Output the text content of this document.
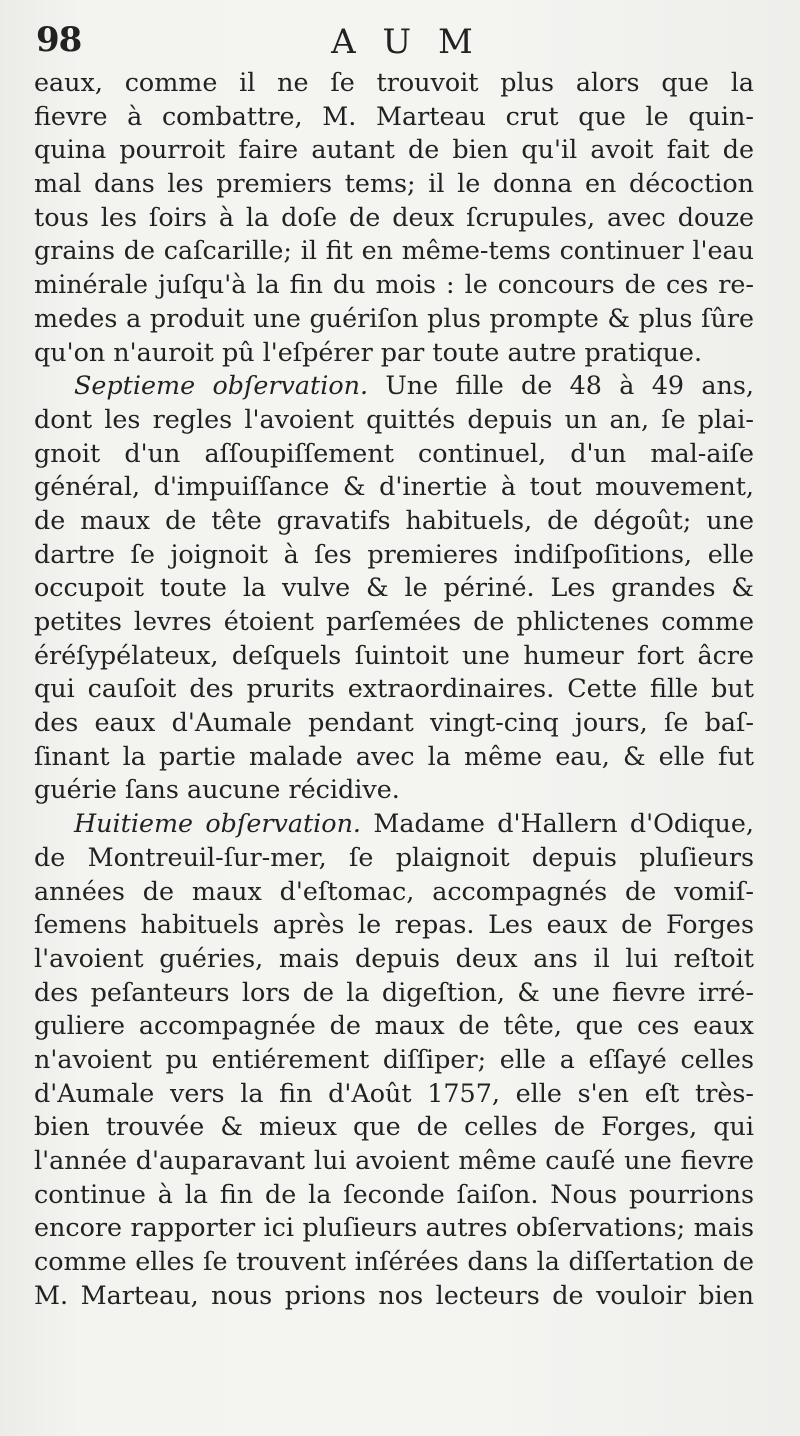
98	A U M
eaux, comme il ne ſe trouvoit plus alors que la
fievre à combattre, M. Marteau crut que le quin-
quina pourroit faire autant de bien qu'il avoit fait de
mal dans les premiers tems; il le donna en décoction
tous les ſoirs à la doſe de deux ſcrupules, avec douze
grains de caſcarille; il fit en même-tems continuer l'eau
minérale juſqu'à la fin du mois : le concours de ces re-
medes a produit une guériſon plus prompte & plus ſûre
qu'on n'auroit pû l'eſpérer par toute autre pratique.
Septieme obſervation. Une fille de 48 à 49 ans,
dont les regles l'avoient quittés depuis un an, ſe plai-
gnoit d'un aſſoupiſſement continuel, d'un mal-aiſe
général, d'impuiſſance & d'inertie à tout mouvement,
de maux de tête gravatifs habituels, de dégoût; une
dartre ſe joignoit à ſes premieres indiſpoſitions, elle
occupoit toute la vulve & le périné. Les grandes &
petites levres étoient parſemées de phlictenes comme
éréſypélateux, deſquels ſuintoit une humeur fort âcre
qui cauſoit des prurits extraordinaires. Cette fille but
des eaux d'Aumale pendant vingt-cinq jours, ſe baſ-
ſinant la partie malade avec la même eau, & elle fut
guérie ſans aucune récidive.
Huitieme obſervation. Madame d'Hallern d'Odique,
de Montreuil-ſur-mer, ſe plaignoit depuis pluſieurs
années de maux d'eſtomac, accompagnés de vomiſ-
ſemens habituels après le repas. Les eaux de Forges
l'avoient guéries, mais depuis deux ans il lui reſtoit
des peſanteurs lors de la digeſtion, & une fievre irré-
guliere accompagnée de maux de tête, que ces eaux
n'avoient pu entiérement diſſiper; elle a eſſayé celles
d'Aumale vers la fin d'Août 1757, elle s'en eſt très-
bien trouvée & mieux que de celles de Forges, qui
l'année d'auparavant lui avoient même cauſé une fievre
continue à la fin de la ſeconde ſaiſon. Nous pourrions
encore rapporter ici pluſieurs autres obſervations; mais
comme elles ſe trouvent inſérées dans la diſſertation de
M. Marteau, nous prions nos lecteurs de vouloir bien
